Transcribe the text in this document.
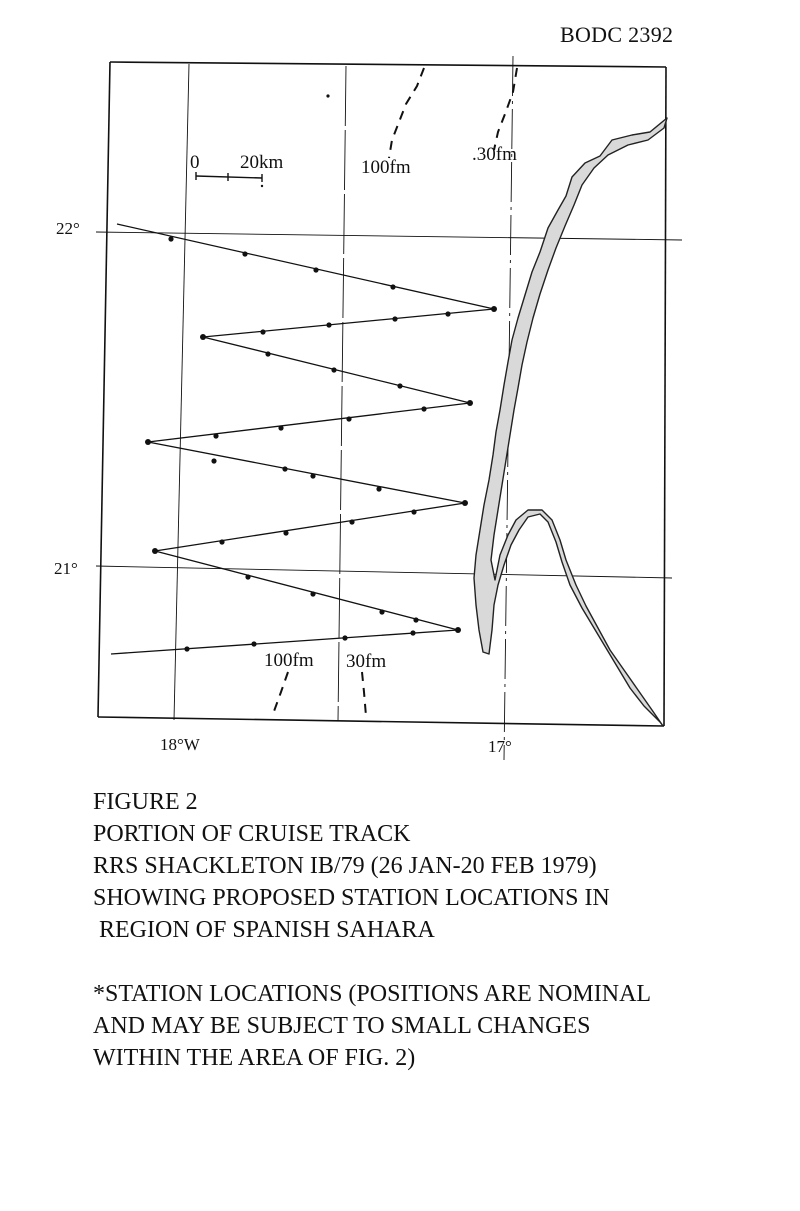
BODC 2392
0 20km	100fm
.30fm
100fm 30fm
22°
21°
18°W	17°
FIGURE 2
PORTION OF CRUISE TRACK
RRS SHACKLETON IB/79 (26 JAN-20 FEB 1979)
SHOWING PROPOSED STATION LOCATIONS IN
REGION OF SPANISH SAHARA
*STATION LOCATIONS (POSITIONS ARE NOMINAL
AND MAY BE SUBJECT TO SMALL CHANGES
WITHIN THE AREA OF FIG. 2)
